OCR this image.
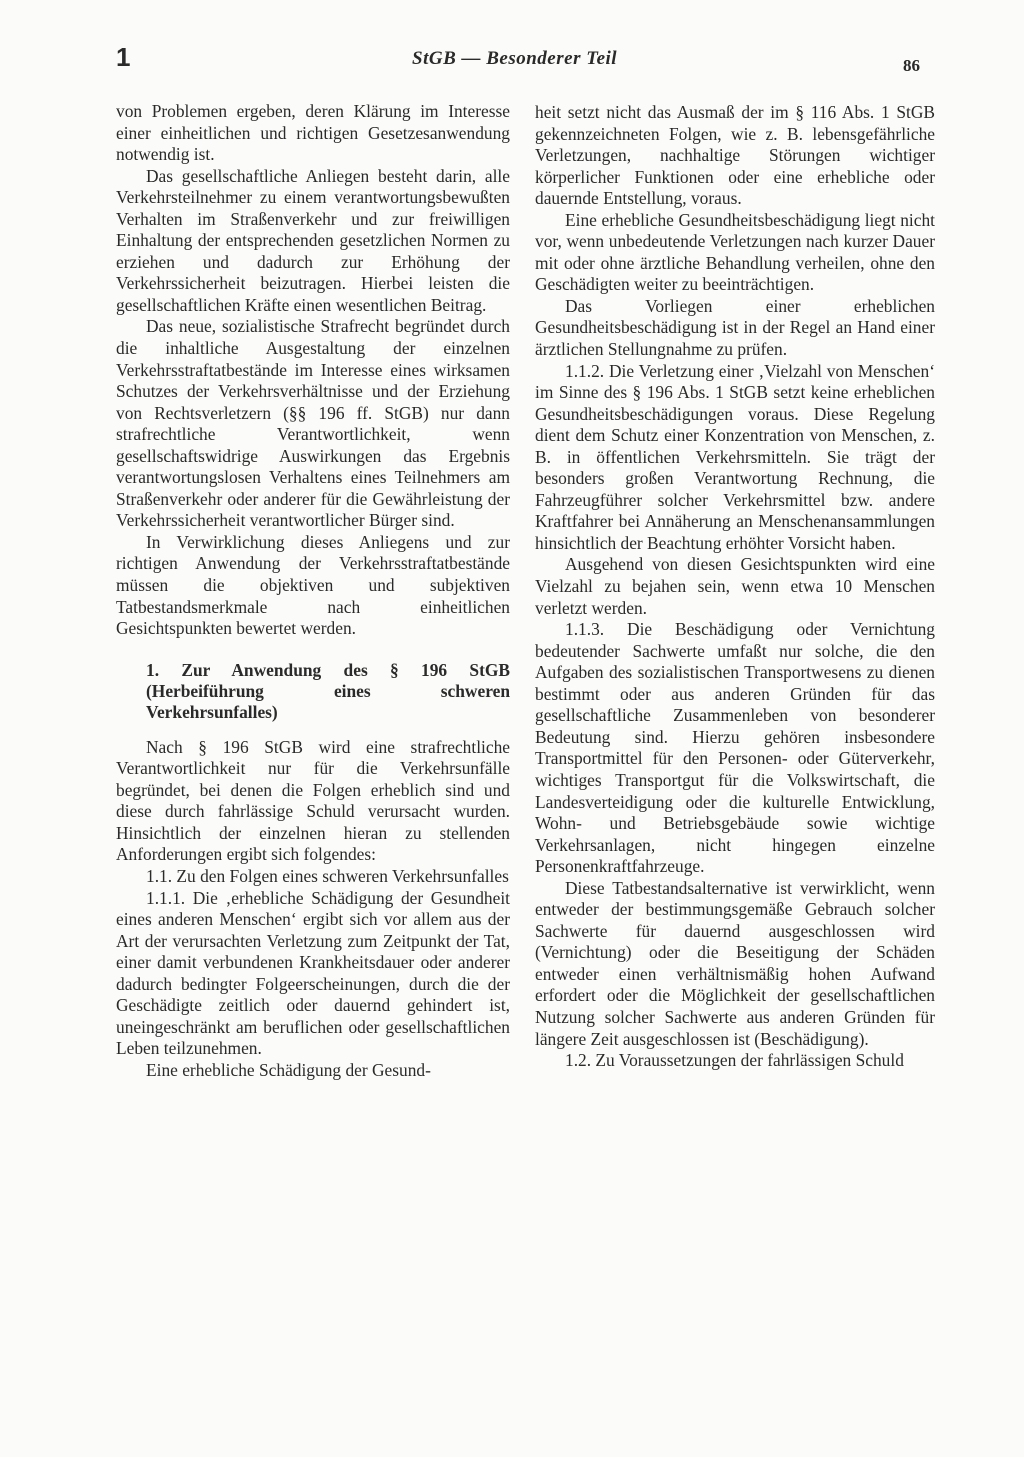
1	StGB — Besonderer Teil	86

von Problemen ergeben, deren Klärung im Interesse einer einheitlichen und richtigen Gesetzesanwendung notwendig ist.

Das gesellschaftliche Anliegen besteht darin, alle Verkehrsteilnehmer zu einem verantwortungsbewußten Verhalten im Straßenverkehr und zur freiwilligen Einhaltung der entsprechenden gesetzlichen Normen zu erziehen und dadurch zur Erhöhung der Verkehrssicherheit beizutragen. Hierbei leisten die gesellschaftlichen Kräfte einen wesentlichen Beitrag.

Das neue, sozialistische Strafrecht begründet durch die inhaltliche Ausgestaltung der einzelnen Verkehrsstraftatbestände im Interesse eines wirksamen Schutzes der Verkehrsverhältnisse und der Erziehung von Rechtsverletzern (§§ 196 ff. StGB) nur dann strafrechtliche Verantwortlichkeit, wenn gesellschaftswidrige Auswirkungen das Ergebnis verantwortungslosen Verhaltens eines Teilnehmers am Straßenverkehr oder anderer für die Gewährleistung der Verkehrssicherheit verantwortlicher Bürger sind.

In Verwirklichung dieses Anliegens und zur richtigen Anwendung der Verkehrsstraftatbestände müssen die objektiven und subjektiven Tatbestandsmerkmale nach einheitlichen Gesichtspunkten bewertet werden.

1. Zur Anwendung des § 196 StGB (Herbeiführung eines schweren Verkehrsunfalles)

Nach § 196 StGB wird eine strafrechtliche Verantwortlichkeit nur für die Verkehrsunfälle begründet, bei denen die Folgen erheblich sind und diese durch fahrlässige Schuld verursacht wurden. Hinsichtlich der einzelnen hieran zu stellenden Anforderungen ergibt sich folgendes:

1.1. Zu den Folgen eines schweren Verkehrsunfalles

1.1.1. Die ‚erhebliche Schädigung der Gesundheit eines anderen Menschen‘ ergibt sich vor allem aus der Art der verursachten Verletzung zum Zeitpunkt der Tat, einer damit verbundenen Krankheitsdauer oder anderer dadurch bedingter Folgeerscheinungen, durch die der Geschädigte zeitlich oder dauernd gehindert ist, uneingeschränkt am beruflichen oder gesellschaftlichen Leben teilzunehmen.

Eine erhebliche Schädigung der Gesund-

heit setzt nicht das Ausmaß der im § 116 Abs. 1 StGB gekennzeichneten Folgen, wie z. B. lebensgefährliche Verletzungen, nachhaltige Störungen wichtiger körperlicher Funktionen oder eine erhebliche oder dauernde Entstellung, voraus.

Eine erhebliche Gesundheitsbeschädigung liegt nicht vor, wenn unbedeutende Verletzungen nach kurzer Dauer mit oder ohne ärztliche Behandlung verheilen, ohne den Geschädigten weiter zu beeinträchtigen.

Das Vorliegen einer erheblichen Gesundheitsbeschädigung ist in der Regel an Hand einer ärztlichen Stellungnahme zu prüfen.

1.1.2. Die Verletzung einer ‚Vielzahl von Menschen‘ im Sinne des § 196 Abs. 1 StGB setzt keine erheblichen Gesundheitsbeschädigungen voraus. Diese Regelung dient dem Schutz einer Konzentration von Menschen, z. B. in öffentlichen Verkehrsmitteln. Sie trägt der besonders großen Verantwortung Rechnung, die Fahrzeugführer solcher Verkehrsmittel bzw. andere Kraftfahrer bei Annäherung an Menschenansammlungen hinsichtlich der Beachtung erhöhter Vorsicht haben.

Ausgehend von diesen Gesichtspunkten wird eine Vielzahl zu bejahen sein, wenn etwa 10 Menschen verletzt werden.

1.1.3. Die Beschädigung oder Vernichtung bedeutender Sachwerte umfaßt nur solche, die den Aufgaben des sozialistischen Transportwesens zu dienen bestimmt oder aus anderen Gründen für das gesellschaftliche Zusammenleben von besonderer Bedeutung sind. Hierzu gehören insbesondere Transportmittel für den Personen- oder Güterverkehr, wichtiges Transportgut für die Volkswirtschaft, die Landesverteidigung oder die kulturelle Entwicklung, Wohn- und Betriebsgebäude sowie wichtige Verkehrsanlagen, nicht hingegen einzelne Personenkraftfahrzeuge.

Diese Tatbestandsalternative ist verwirklicht, wenn entweder der bestimmungsgemäße Gebrauch solcher Sachwerte für dauernd ausgeschlossen wird (Vernichtung) oder die Beseitigung der Schäden entweder einen verhältnismäßig hohen Aufwand erfordert oder die Möglichkeit der gesellschaftlichen Nutzung solcher Sachwerte aus anderen Gründen für längere Zeit ausgeschlossen ist (Beschädigung).

1.2. Zu Voraussetzungen der fahrlässigen Schuld
